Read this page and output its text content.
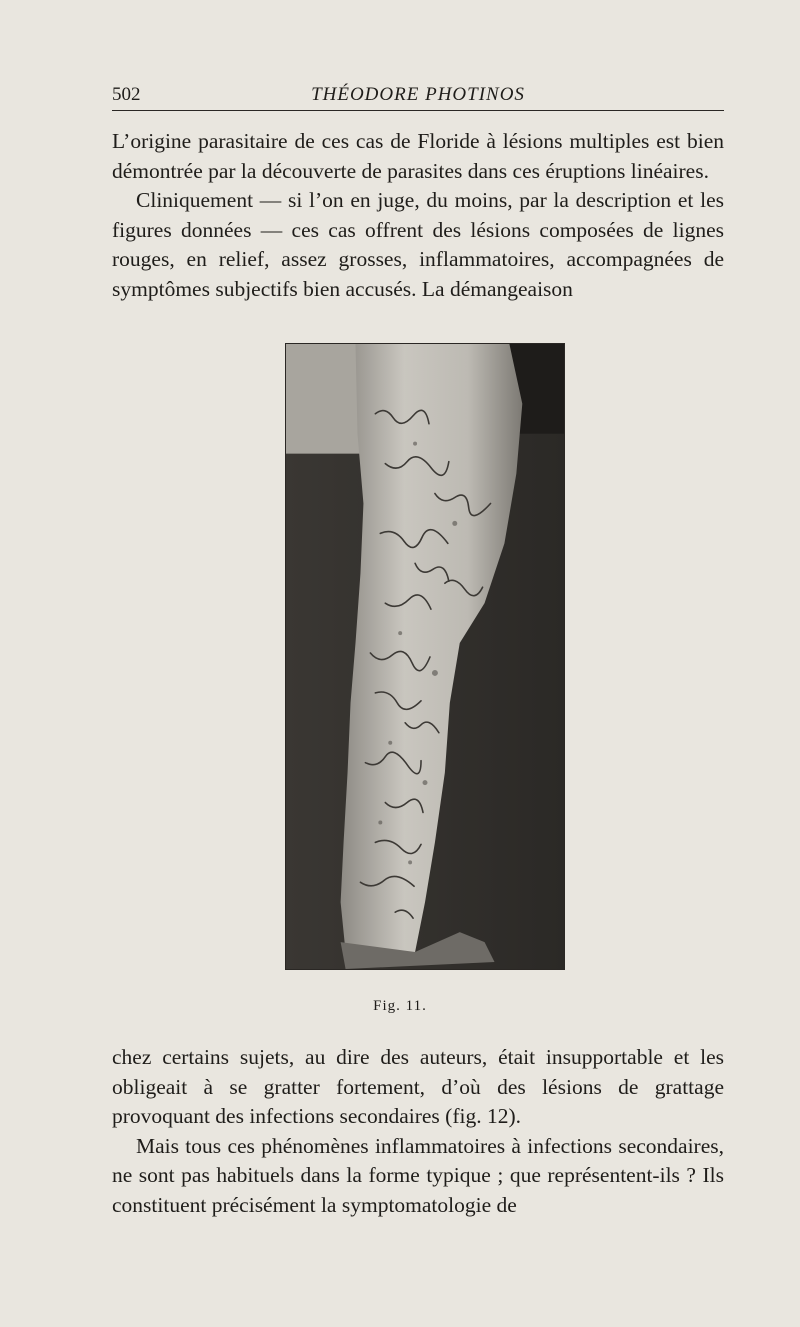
502	THÉODORE PHOTINOS

L’origine parasitaire de ces cas de Floride à lésions multiples est bien démontrée par la découverte de parasites dans ces éruptions linéaires.

Cliniquement — si l’on en juge, du moins, par la description et les figures données — ces cas offrent des lésions composées de lignes rouges, en relief, assez grosses, inflammatoires, accompagnées de symptômes subjectifs bien accusés. La démangeaison

Fig. 11.

chez certains sujets, au dire des auteurs, était insupportable et les obligeait à se gratter fortement, d’où des lésions de grattage provoquant des infections secondaires (fig. 12).

Mais tous ces phénomènes inflammatoires à infections secondaires, ne sont pas habituels dans la forme typique ; que représentent-ils ? Ils constituent précisément la symptomatologie de
